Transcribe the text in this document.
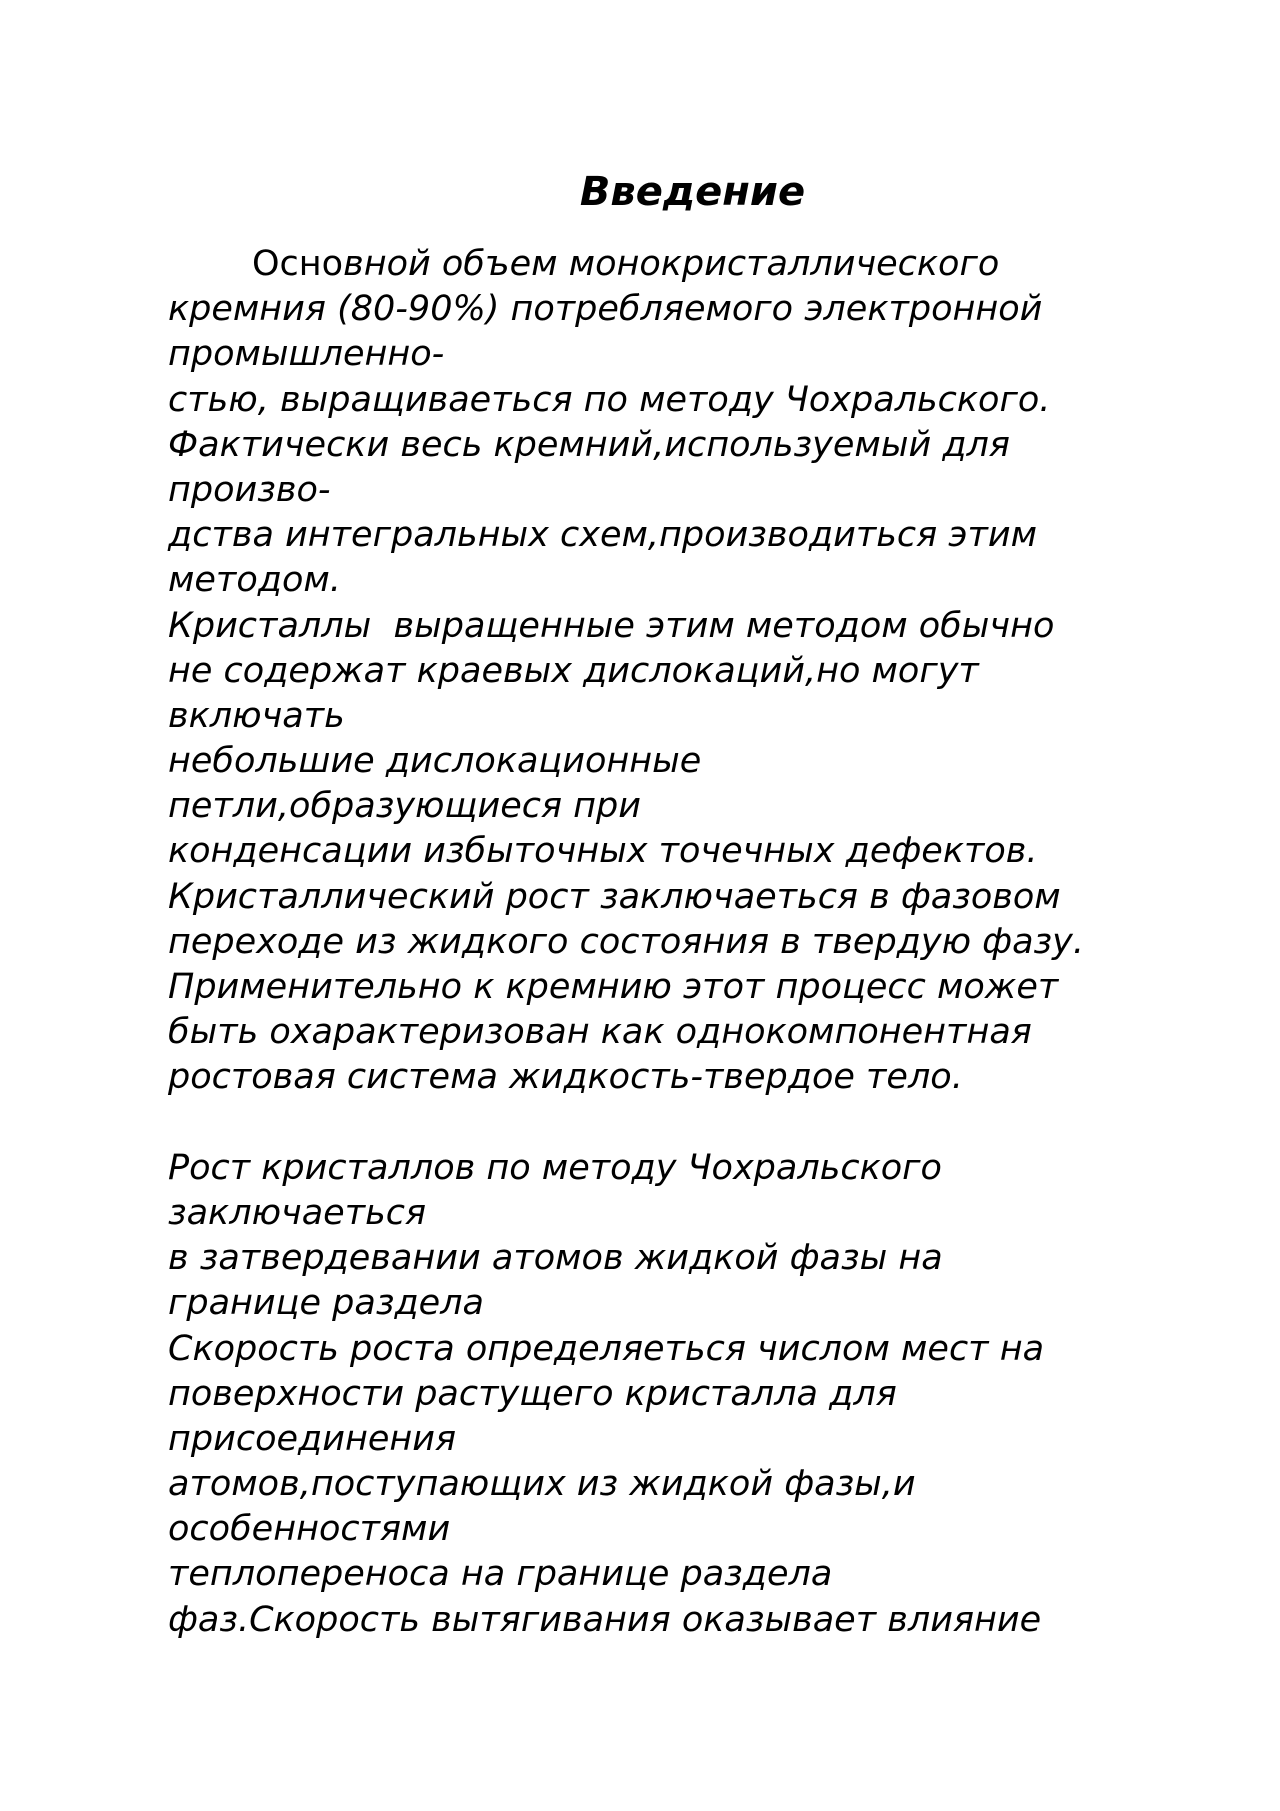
Введение
Основной объем монокристаллического
кремния (80-90%) потребляемого электронной
промышленно-
стью, выращиваеться по методу Чохральского.
Фактически весь кремний,используемый для
произво-
дства интегральных схем,производиться этим
методом.
Кристаллы  выращенные этим методом обычно
не содержат краевых дислокаций,но могут
включать
небольшие дислокационные
петли,образующиеся при
конденсации избыточных точечных дефектов.
Кристаллический рост заключаеться в фазовом
переходе из жидкого состояния в твердую фазу.
Применительно к кремнию этот процесс может
быть охарактеризован как однокомпонентная
ростовая система жидкость-твердое тело.
Рост кристаллов по методу Чохральского
заключаеться
в затвердевании атомов жидкой фазы на
границе раздела
Скорость роста определяеться числом мест на
поверхности растущего кристалла для
присоединения
атомов,поступающих из жидкой фазы,и
особенностями
теплопереноса на границе раздела
фаз.Скорость вытягивания оказывает влияние
